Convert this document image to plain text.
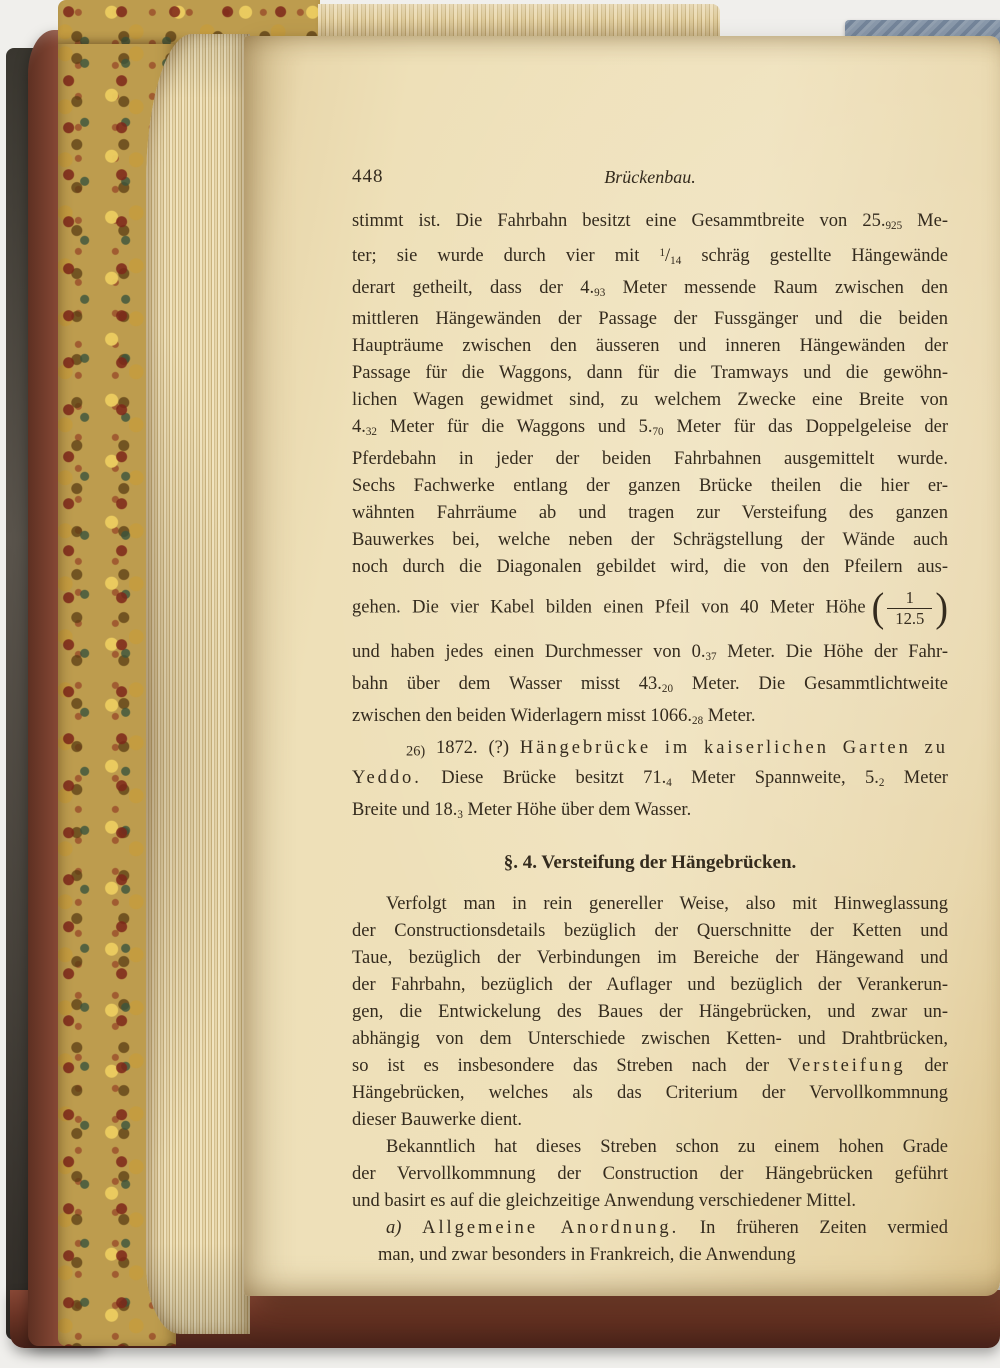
448	Brückenbau.
stimmt ist. Die Fahrbahn besitzt eine Gesammtbreite von $25._{925}$ Me-
ter; sie wurde durch vier mit $^1/_{14}$ schräg gestellte Hängewände
derart getheilt, dass der $4._{93}$ Meter messende Raum zwischen den
mittleren Hängewänden der Passage der Fussgänger und die beiden
Haupträume zwischen den äusseren und inneren Hängewänden der
Passage für die Waggons, dann für die Tramways und die gewöhn-
lichen Wagen gewidmet sind, zu welchem Zwecke eine Breite von
$4._{32}$ Meter für die Waggons und $5._{70}$ Meter für das Doppelgeleise der
Pferdebahn in jeder der beiden Fahrbahnen ausgemittelt wurde.
Sechs Fachwerke entlang der ganzen Brücke theilen die hier er-
wähnten Fahrräume ab und tragen zur Versteifung des ganzen
Bauwerkes bei, welche neben der Schrägstellung der Wände auch
noch durch die Diagonalen gebildet wird, die von den Pfeilern aus-
gehen. Die vier Kabel bilden einen Pfeil von 40 Meter Höhe ( $\frac{1}{12.5}$ )
und haben jedes einen Durchmesser von $0._{37}$ Meter. Die Höhe der Fahr-
bahn über dem Wasser misst $43._{20}$ Meter. Die Gesammtlichtweite
zwischen den beiden Widerlagern misst $1066._{28}$ Meter.
26) 1872. (?) Hängebrücke im kaiserlichen Garten zu
Yeddo. Diese Brücke besitzt $71._4$ Meter Spannweite, $5._2$ Meter
Breite und $18._3$ Meter Höhe über dem Wasser.
§. 4. Versteifung der Hängebrücken.
Verfolgt man in rein genereller Weise, also mit Hinweglassung
der Constructionsdetails bezüglich der Querschnitte der Ketten und
Taue, bezüglich der Verbindungen im Bereiche der Hängewand und
der Fahrbahn, bezüglich der Auflager und bezüglich der Verankerun-
gen, die Entwickelung des Baues der Hängebrücken, und zwar un-
abhängig von dem Unterschiede zwischen Ketten- und Drahtbrücken,
so ist es insbesondere das Streben nach der Versteifung der
Hängebrücken, welches als das Criterium der Vervollkommnung
dieser Bauwerke dient.
Bekanntlich hat dieses Streben schon zu einem hohen Grade
der Vervollkommnung der Construction der Hängebrücken geführt
und basirt es auf die gleichzeitige Anwendung verschiedener Mittel.
a) Allgemeine Anordnung. In früheren Zeiten vermied
man, und zwar besonders in Frankreich, die Anwendung
